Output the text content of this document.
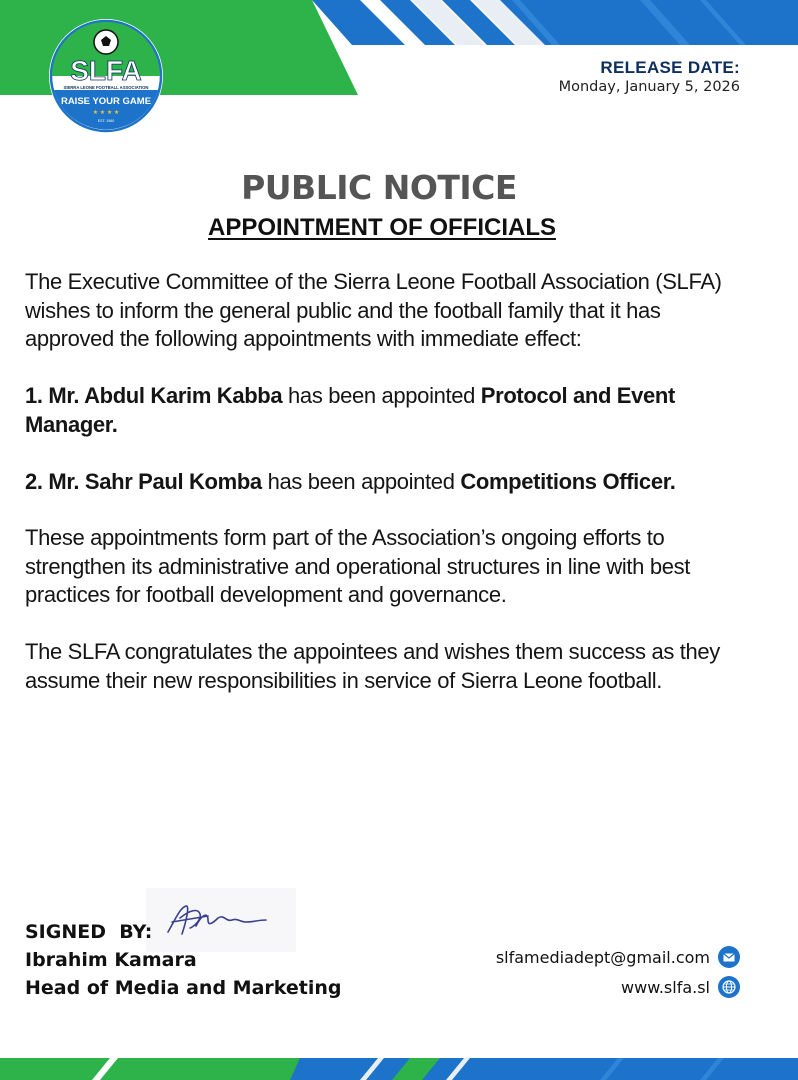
SLFA
SIERRA LEONE FOOTBALL ASSOCIATION
RAISE YOUR GAME
★ ★ ★ ★
EST. 1960
RELEASE DATE:
Monday, January 5, 2026
PUBLIC NOTICE
APPOINTMENT OF OFFICIALS
The Executive Committee of the Sierra Leone Football Association (SLFA) wishes to inform the general public and the football family that it has approved the following appointments with immediate effect:
1. Mr. Abdul Karim Kabba has been appointed Protocol and Event Manager.
2. Mr. Sahr Paul Komba has been appointed Competitions Officer.
These appointments form part of the Association’s ongoing efforts to strengthen its administrative and operational structures in line with best practices for football development and governance.
The SLFA congratulates the appointees and wishes them success as they assume their new responsibilities in service of Sierra Leone football.
SIGNED  BY:
Ibrahim Kamara
Head of Media and Marketing
slfamediadept@gmail.com
www.slfa.sl
